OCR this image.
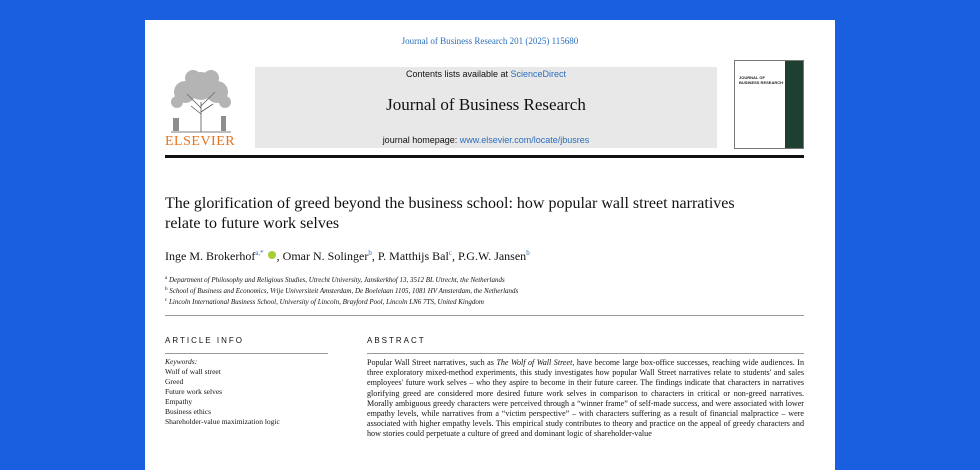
Journal of Business Research 201 (2025) 115680
ELSEVIER
Contents lists available at ScienceDirect
Journal of Business Research
journal homepage: www.elsevier.com/locate/jbusres
JOURNAL OF BUSINESS RESEARCH
The glorification of greed beyond the business school: how popular wall street narratives relate to future work selves
Inge M. Brokerhof$^{a,*}$ , Omar N. Solinger$^b$, P. Matthijs Bal$^c$, P.G.W. Jansen$^b$
$^a$ Department of Philosophy and Religious Studies, Utrecht University, Janskerkhof 13, 3512 BL Utrecht, the Netherlands
$^b$ School of Business and Economics, Vrije Universiteit Amsterdam, De Boelelaan 1105, 1081 HV Amsterdam, the Netherlands
$^c$ Lincoln International Business School, University of Lincoln, Brayford Pool, Lincoln LN6 7TS, United Kingdom
ARTICLE INFO	ABSTRACT
Keywords:
Wolf of wall street
Greed
Future work selves
Empathy
Business ethics
Shareholder-value maximization logic
Popular Wall Street narratives, such as The Wolf of Wall Street, have become large box-office successes, reaching wide audiences. In three exploratory mixed-method experiments, this study investigates how popular Wall Street narratives relate to students' and sales employees' future work selves – who they aspire to become in their future career. The findings indicate that characters in narratives glorifying greed are considered more desired future work selves in comparison to characters in critical or non-greed narratives. Morally ambiguous greedy characters were perceived through a “winner frame” of self-made success, and were associated with lower empathy levels, while narratives from a “victim perspective” – with characters suffering as a result of financial malpractice – were associated with higher empathy levels. This empirical study contributes to theory and practice on the appeal of greedy characters and how stories could perpetuate a culture of greed and dominant logic of shareholder-value
